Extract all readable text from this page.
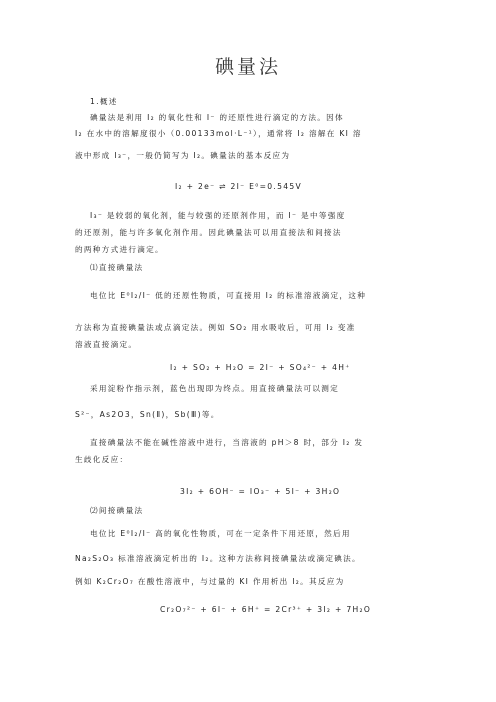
碘量法
1.概述
碘量法是利用 I₂ 的氧化性和 I⁻ 的还原性进行滴定的方法。因体
I₂ 在水中的溶解度很小（0.00133mol·L⁻¹），通常将 I₂ 溶解在 KI 溶
液中形成 I₃⁻，一般仍简写为 I₂。碘量法的基本反应为
I₂ + 2e⁻ ⇌ 2I⁻ E⁰=0.545V
I₃⁻ 是较弱的氧化剂，能与较强的还原剂作用，而 I⁻ 是中等强度
的还原剂，能与许多氧化剂作用。因此碘量法可以用直接法和间接法
的两种方式进行滴定。
⑴直接碘量法
电位比 E⁰I₂/I⁻ 低的还原性物质，可直接用 I₂ 的标准溶液滴定，这种
方法称为直接碘量法或点滴定法。例如 SO₂ 用水吸收后，可用 I₂ 变准
溶液直接滴定。
I₂ + SO₂ + H₂O = 2I⁻ + SO₄²⁻ + 4H⁺
采用淀粉作指示剂，蓝色出现即为终点。用直接碘量法可以测定
S²⁻，As2O3，Sn(Ⅱ)，Sb(Ⅲ)等。
直接碘量法不能在碱性溶液中进行，当溶液的 pH＞8 时，部分 I₂ 发
生歧化反应：
3I₂ + 6OH⁻ = IO₃⁻ + 5I⁻ + 3H₂O
⑵间接碘量法
电位比 E⁰I₂/I⁻ 高的氧化性物质，可在一定条件下用还原，然后用
Na₂S₂O₃ 标准溶液滴定析出的 I₂。这种方法称间接碘量法或滴定碘法。
例如 K₂Cr₂O₇ 在酸性溶液中，与过量的 KI 作用析出 I₂。其反应为
Cr₂O₇²⁻ + 6I⁻ + 6H⁺ = 2Cr³⁺ + 3I₂ + 7H₂O
